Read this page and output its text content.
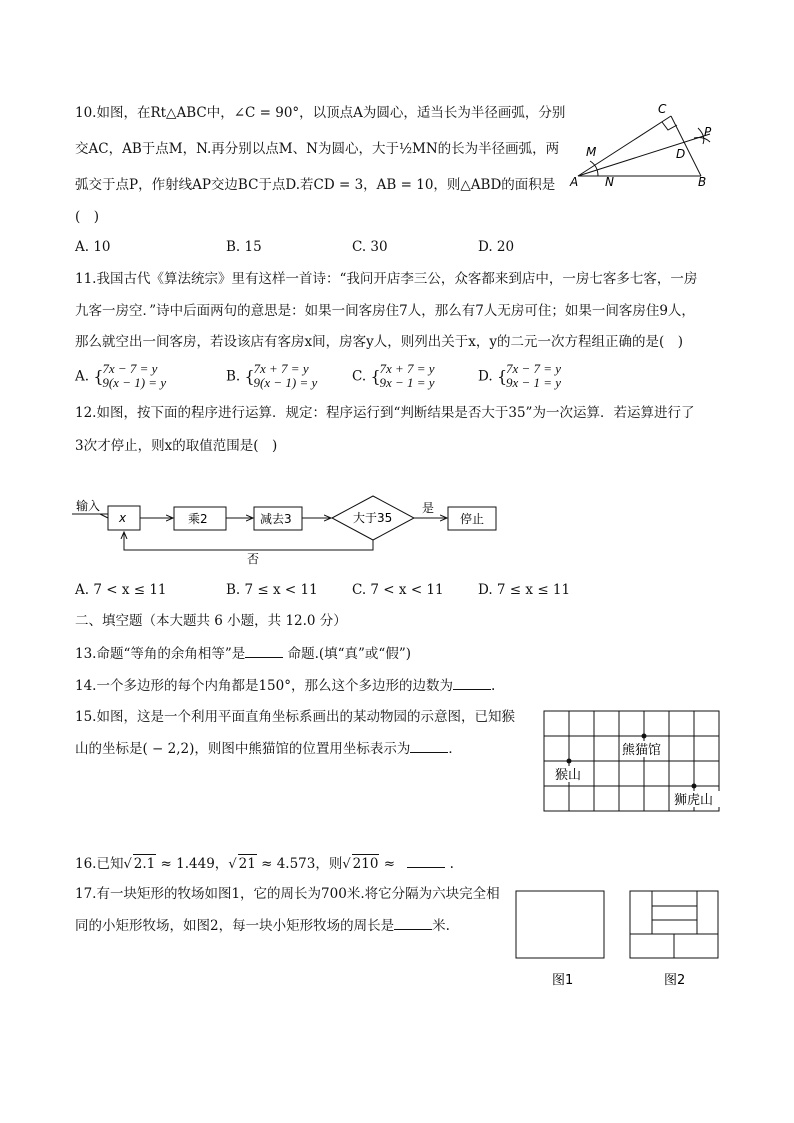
10.如图，在Rt△ABC中，∠C = 90°，以顶点A为圆心，适当长为半径画弧，分别
交AC，AB于点M，N.再分别以点M、N为圆心，大于½MN的长为半径画弧，两
弧交于点P，作射线AP交边BC于点D.若CD = 3，AB = 10，则△ABD的面积是
(　)
C
P
M	D
A N	B
A. 10	B. 15	C. 30	D. 20
11.我国古代《算法统宗》里有这样一首诗：“我问开店李三公，众客都来到店中，一房七客多七客，一房
九客一房空．”诗中后面两句的意思是：如果一间客房住7人，那么有7人无房可住；如果一间客房住9人，
那么就空出一间客房，若设该店有客房x间，房客y人，则列出关于x，y的二元一次方程组正确的是(　)
A. {
7x − 7 = y
9(x − 1) = y	B. {
7x + 7 = y
9(x − 1) = y	C. {
7x + 7 = y
9x − 1 = y	D. {
7x − 7 = y
9x − 1 = y
12.如图，按下面的程序进行运算．规定：程序运行到“判断结果是否大于35”为一次运算．若运算进行了
3次才停止，则x的取值范围是(　)
输入
x	乘2	减去3	大于35
是
停止
否
A. 7 < x ≤ 11	B. 7 ≤ x < 11	C. 7 < x < 11	D. 7 ≤ x ≤ 11
二、填空题（本大题共 6 小题，共 12.0 分）
13.命题“等角的余角相等”是	命题.(填“真”或“假”)
14.一个多边形的每个内角都是150°，那么这个多边形的边数为	.
15.如图，这是一个利用平面直角坐标系画出的某动物园的示意图，已知猴
山的坐标是( − 2,2)，则图中熊猫馆的位置用坐标表示为	．	熊猫馆
猴山
狮虎山
16.已知√ 2.1 ≈ 1.449，√ 21 ≈ 4.573，则√ 210 ≈	.
17.有一块矩形的牧场如图1，它的周长为700米.将它分隔为六块完全相
同的小矩形牧场，如图2，每一块小矩形牧场的周长是	米.
图1	图2
